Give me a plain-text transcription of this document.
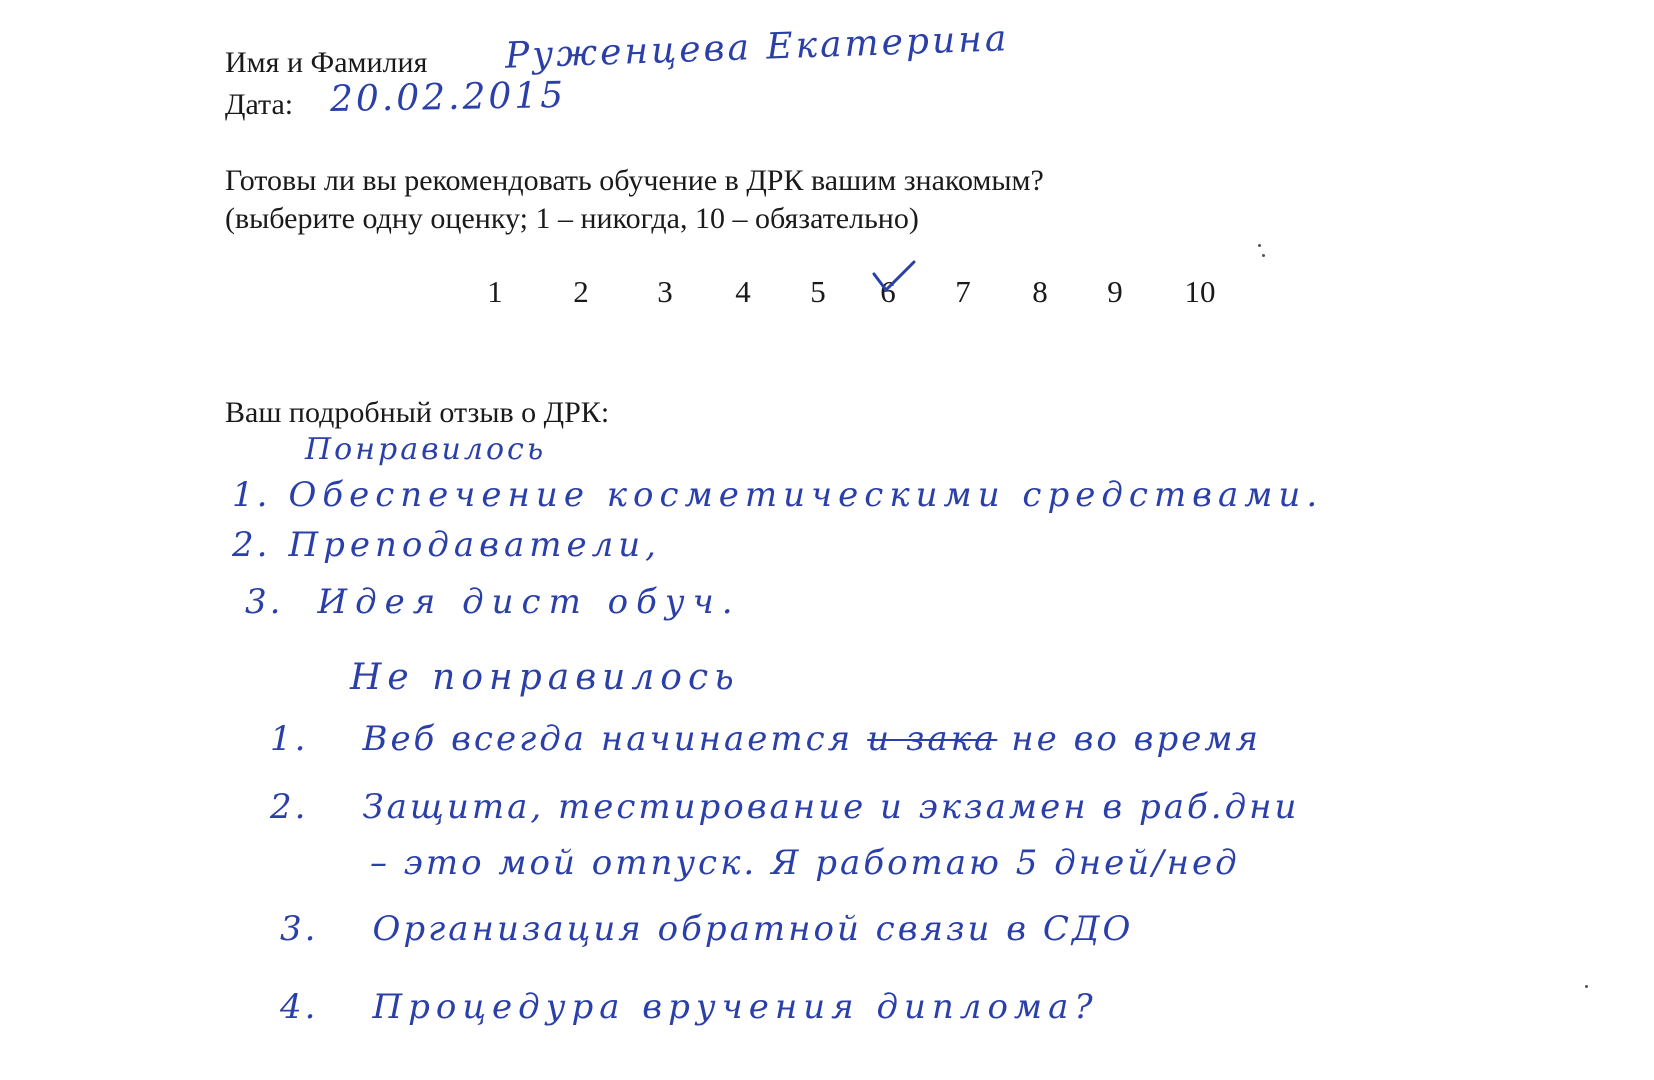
Имя и Фамилия Руженцева Екатерина
Дата: 20.02.2015
Готовы ли вы рекомендовать обучение в ДРК вашим знакомым?
(выберите одну оценку; 1 – никогда, 10 – обязательно)
1 2 3 4 5 6 7 8 9 10
Ваш подробный отзыв о ДРК:
Понравилось
1. Обеспечение косметическими средствами.
2. Преподаватели,
3. Идея дист обуч.
Не понравилось
1. Веб всегда начинается и зака не во время
2. Защита, тестирование и экзамен в раб.дни
– это мой отпуск. Я работаю 5 дней/нед
3. Организация обратной связи в СДО
4. Процедура вручения диплома?
